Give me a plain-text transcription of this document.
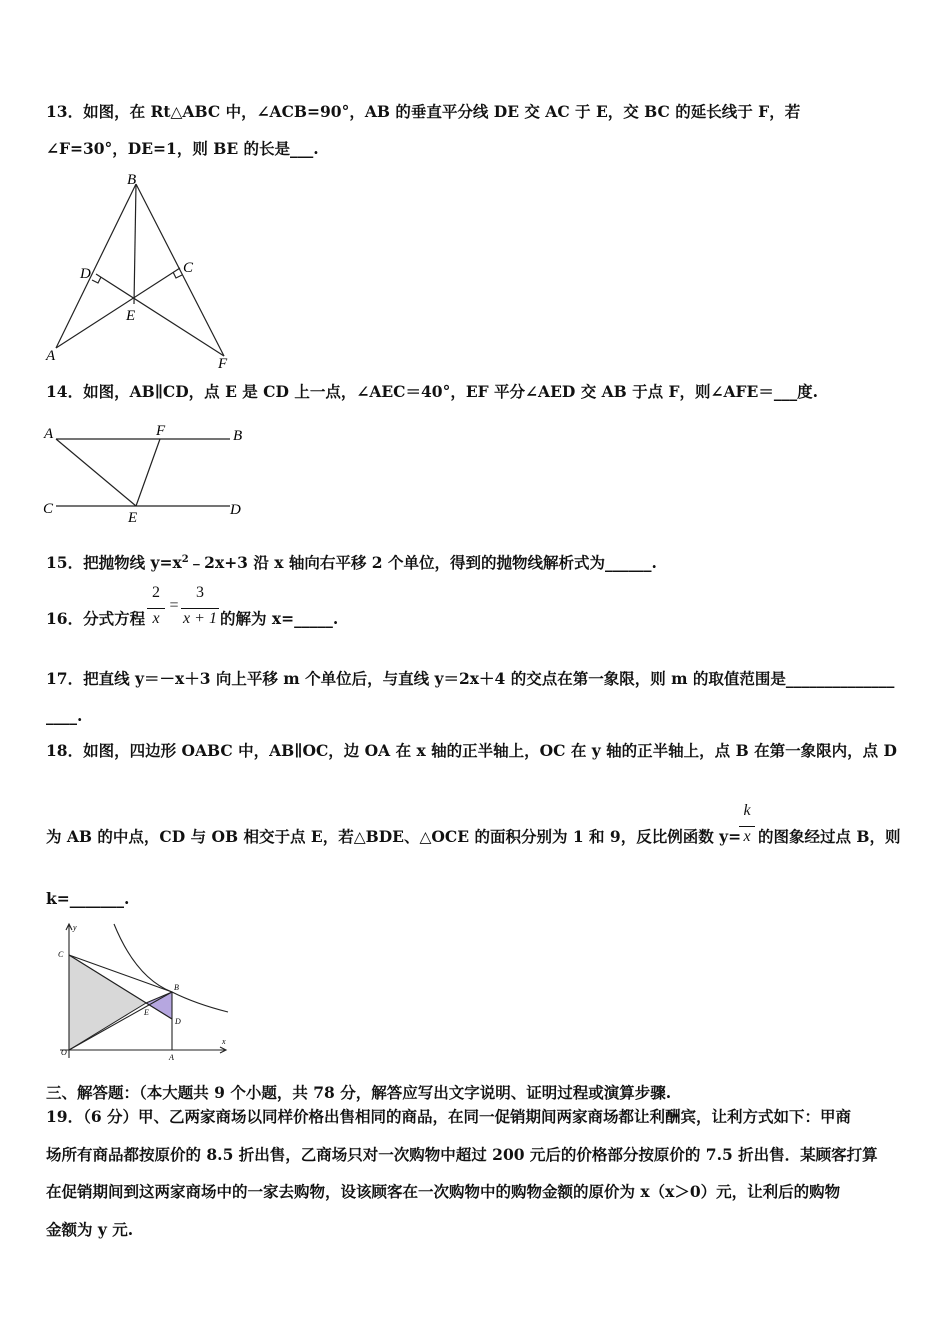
13．如图，在 Rt△ABC 中，∠ACB=90°，AB 的垂直平分线 DE 交 AC 于 E，交 BC 的延长线于 F，若
∠F=30°，DE=1，则 BE 的长是___.
B
D	C
E
A	F
14．如图，AB∥CD，点 E 是 CD 上一点，∠AEC＝40°，EF 平分∠AED 交 AB 于点 F，则∠AFE＝___度.
A	F	B
C
E	D
15．把抛物线 $y=x^2﹣2x+3$ 沿 x 轴向右平移 2 个单位，得到的抛物线解析式为______.
16．分式方程
2
x
=
3
x + 1 的解为 x=_____.
17．把直线 y＝－x＋3 向上平移 m 个单位后，与直线 y＝2x＋4 的交点在第一象限，则 m 的取值范围是______________
____.
18．如图，四边形 OABC 中，AB∥OC，边 OA 在 x 轴的正半轴上，OC 在 y 轴的正半轴上，点 B 在第一象限内，点 D
为 AB 的中点，CD 与 OB 相交于点 E，若△BDE、△OCE 的面积分别为 1 和 9，反比例函数 y=
k
x 的图象经过点 B，则
k=_______.
y
C
B
E
D
O
A
x
三、解答题：（本大题共 9 个小题，共 78 分，解答应写出文字说明、证明过程或演算步骤.
19．（6 分）甲、乙两家商场以同样价格出售相同的商品，在同一促销期间两家商场都让利酬宾，让利方式如下：甲商
场所有商品都按原价的 8.5 折出售，乙商场只对一次购物中超过 200 元后的价格部分按原价的 7.5 折出售．某顾客打算
在促销期间到这两家商场中的一家去购物，设该顾客在一次购物中的购物金额的原价为 x（x＞0）元，让利后的购物
金额为 y 元.
